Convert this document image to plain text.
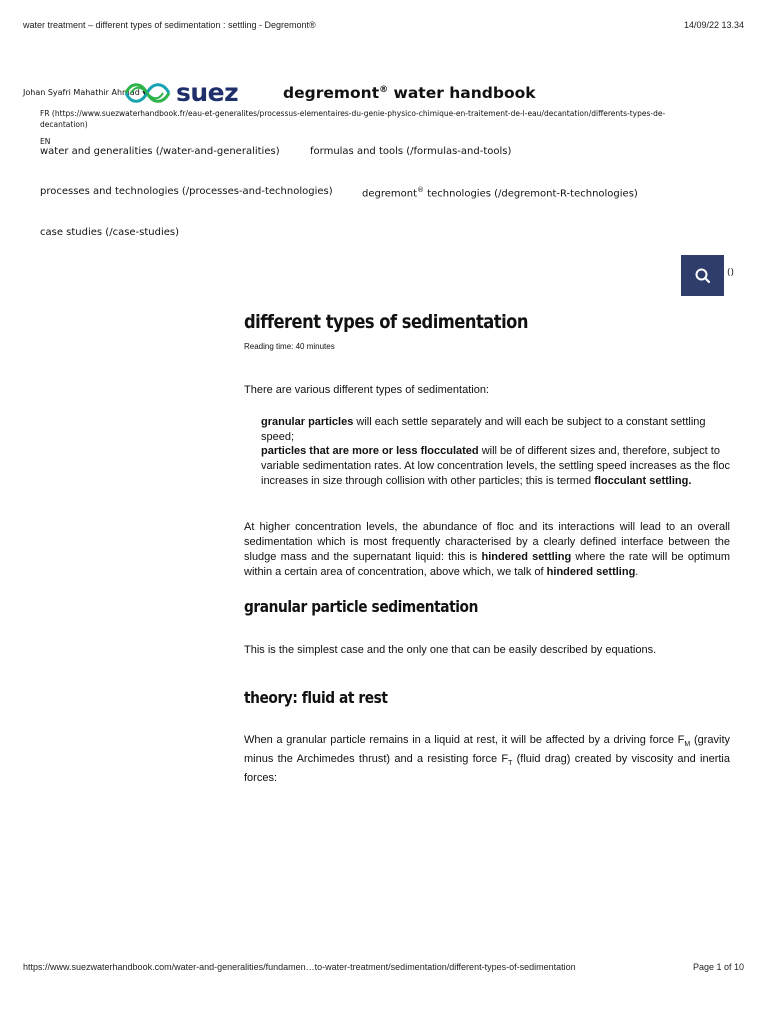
water treatment – different types of sedimentation : settling - Degremont®	14/09/22 13.34
Johan Syafri Mahathir Ahmad ▼ suez	degremont® water handbook
FR (https://www.suezwaterhandbook.fr/eau-et-generalites/processus-elementaires-du-genie-physico-chimique-en-traitement-de-l-eau/decantation/differents-types-de-decantation)
EN
water and generalities (/water-and-generalities)	formulas and tools (/formulas-and-tools)
processes and technologies (/processes-and-technologies)	degremont® technologies (/degremont-R-technologies)
case studies (/case-studies)
()
different types of sedimentation
Reading time: 40 minutes
There are various different types of sedimentation:
granular particles will each settle separately and will each be subject to a constant settling speed;
particles that are more or less flocculated will be of different sizes and, therefore, subject to variable sedimentation rates. At low concentration levels, the settling speed increases as the floc increases in size through collision with other particles; this is termed flocculant settling.
At higher concentration levels, the abundance of floc and its interactions will lead to an overall sedimentation which is most frequently characterised by a clearly defined interface between the sludge mass and the supernatant liquid: this is hindered settling where the rate will be optimum within a certain area of concentration, above which, we talk of hindered settling.
granular particle sedimentation
This is the simplest case and the only one that can be easily described by equations.
theory: fluid at rest
When a granular particle remains in a liquid at rest, it will be affected by a driving force $F_M$ (gravity minus the Archimedes thrust) and a resisting force $F_T$ (fluid drag) created by viscosity and inertia forces:
https://www.suezwaterhandbook.com/water-and-generalities/fundamen…to-water-treatment/sedimentation/different-types-of-sedimentation	Page 1 of 10
